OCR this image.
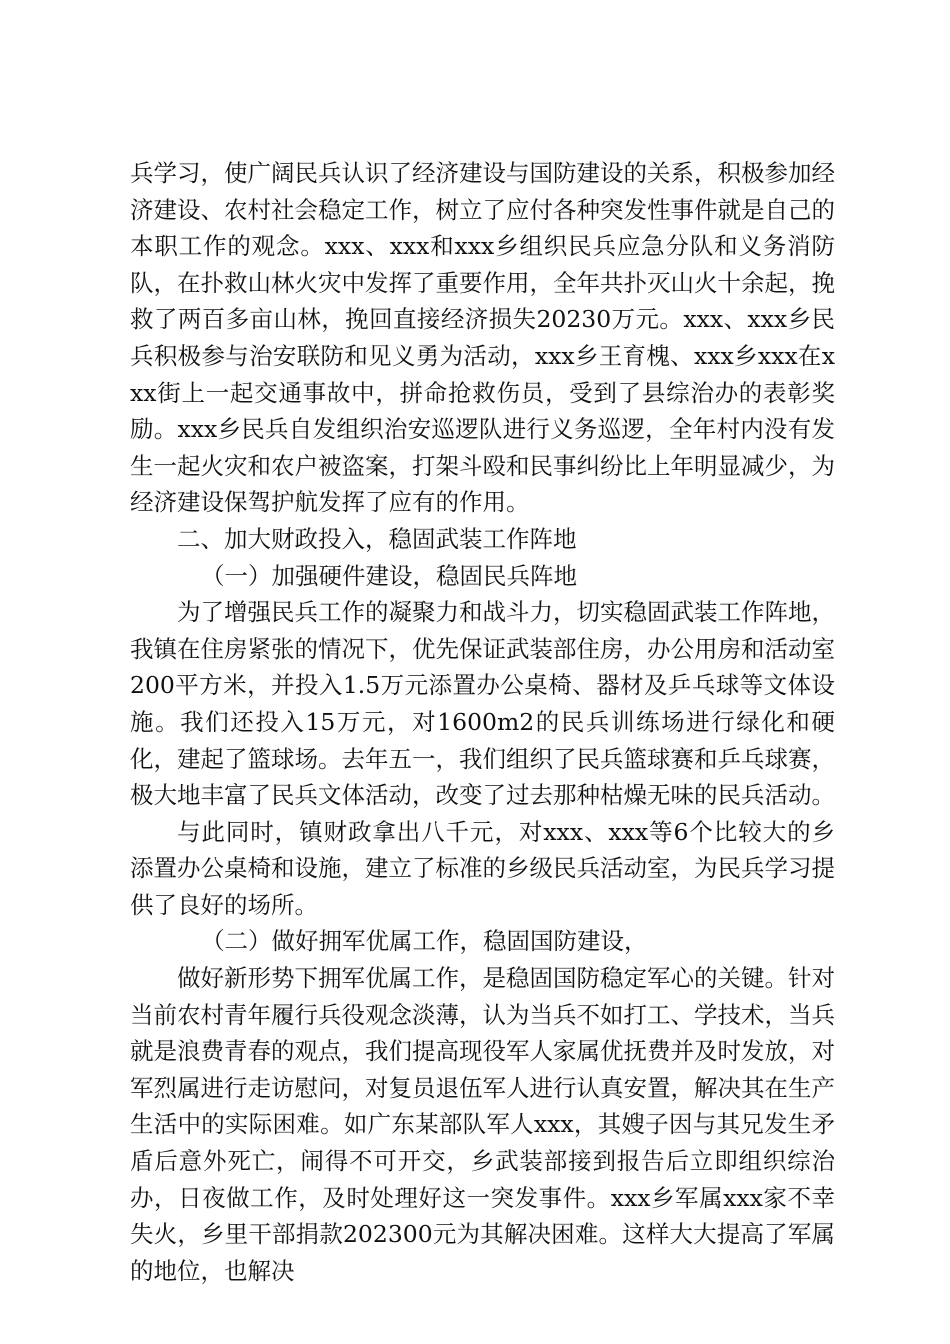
兵学习，使广阔民兵认识了经济建设与国防建设的关系，积极参加经济建设、农村社会稳定工作，树立了应付各种突发性事件就是自己的本职工作的观念。xxx、xxx和xxx乡组织民兵应急分队和义务消防队，在扑救山林火灾中发挥了重要作用，全年共扑灭山火十余起，挽救了两百多亩山林，挽回直接经济损失20230万元。xxx、xxx乡民兵积极参与治安联防和见义勇为活动，xxx乡王育槐、xxx乡xxx在xxx街上一起交通事故中，拼命抢救伤员，受到了县综治办的表彰奖励。xxx乡民兵自发组织治安巡逻队进行义务巡逻，全年村内没有发生一起火灾和农户被盗案，打架斗殴和民事纠纷比上年明显减少，为经济建设保驾护航发挥了应有的作用。

二、加大财政投入，稳固武装工作阵地

（一）加强硬件建设，稳固民兵阵地

为了增强民兵工作的凝聚力和战斗力，切实稳固武装工作阵地，我镇在住房紧张的情况下，优先保证武装部住房，办公用房和活动室200平方米，并投入1.5万元添置办公桌椅、器材及乒乓球等文体设施。我们还投入15万元，对1600m2的民兵训练场进行绿化和硬化，建起了篮球场。去年五一，我们组织了民兵篮球赛和乒乓球赛，极大地丰富了民兵文体活动，改变了过去那种枯燥无味的民兵活动。

与此同时，镇财政拿出八千元，对xxx、xxx等6个比较大的乡添置办公桌椅和设施，建立了标准的乡级民兵活动室，为民兵学习提供了良好的场所。

（二）做好拥军优属工作，稳固国防建设，

做好新形势下拥军优属工作，是稳固国防稳定军心的关键。针对当前农村青年履行兵役观念淡薄，认为当兵不如打工、学技术，当兵就是浪费青春的观点，我们提高现役军人家属优抚费并及时发放，对军烈属进行走访慰问，对复员退伍军人进行认真安置，解决其在生产生活中的实际困难。如广东某部队军人xxx，其嫂子因与其兄发生矛盾后意外死亡，闹得不可开交，乡武装部接到报告后立即组织综治办，日夜做工作，及时处理好这一突发事件。xxx乡军属xxx家不幸失火，乡里干部捐款202300元为其解决困难。这样大大提高了军属的地位，也解决
